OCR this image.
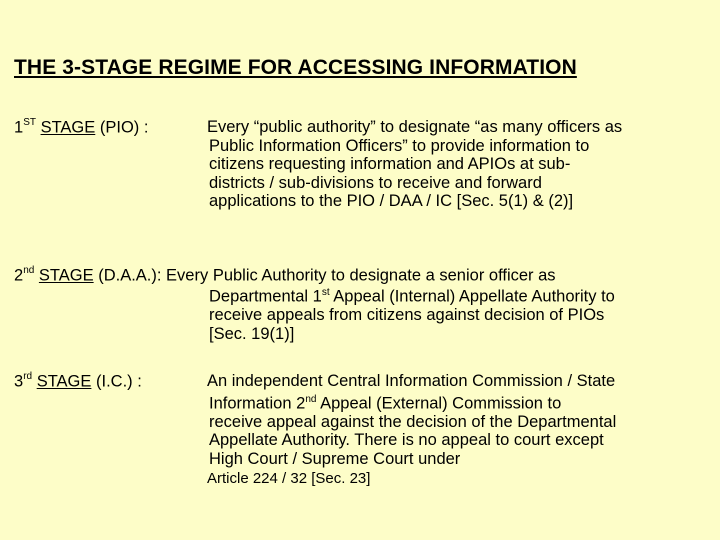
THE 3-STAGE REGIME FOR ACCESSING INFORMATION
1ST STAGE (PIO) :	Every “public authority” to designate “as many officers as
Public Information Officers” to provide information to
citizens requesting information and APIOs at sub-
districts / sub-divisions to receive and forward
applications to the PIO / DAA / IC [Sec. 5(1) & (2)]
2nd STAGE (D.A.A.): Every Public Authority to designate a senior officer as
Departmental 1st Appeal (Internal) Appellate Authority to
receive appeals from citizens against decision of PIOs
[Sec. 19(1)]
3rd STAGE (I.C.) :	An independent Central Information Commission / State
Information 2nd Appeal (External) Commission to
receive appeal against the decision of the Departmental
Appellate Authority. There is no appeal to court except
High Court / Supreme Court under
Article 224 / 32 [Sec. 23]
